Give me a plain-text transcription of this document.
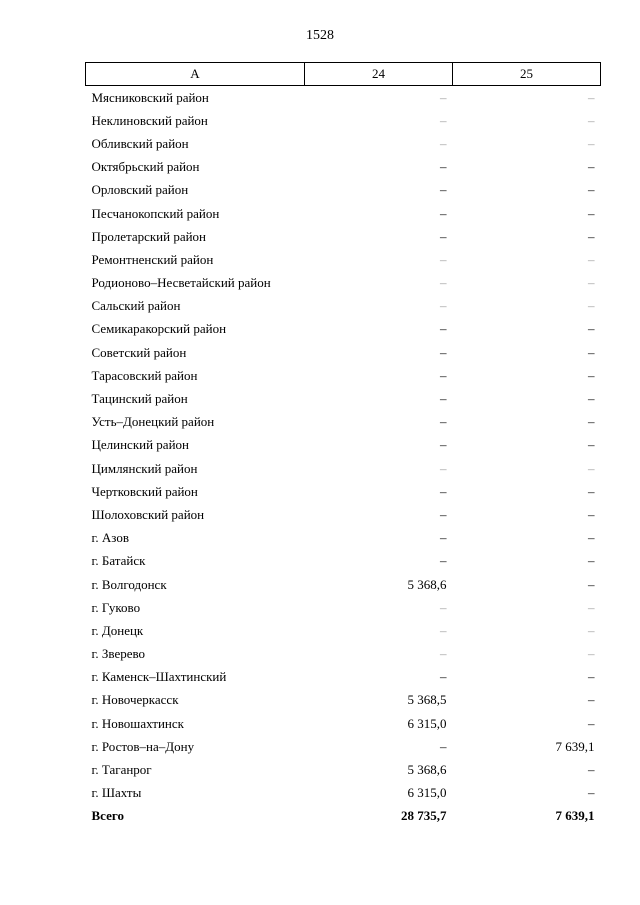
1528
А	24	25
Мясниковский район	–	–
Неклиновский район	–	–
Обливский район	–	–
Октябрьский район	–	–
Орловский район	–	–
Песчанокопский район	–	–
Пролетарский район	–	–
Ремонтненский район	–	–
Родионово–Несветайский район	–	–
Сальский район	–	–
Семикаракорский район	–	–
Советский район	–	–
Тарасовский район	–	–
Тацинский район	–	–
Усть–Донецкий район	–	–
Целинский район	–	–
Цимлянский район	–	–
Чертковский район	–	–
Шолоховский район	–	–
г. Азов	–	–
г. Батайск	–	–
г. Волгодонск	5 368,6	–
г. Гуково	–	–
г. Донецк	–	–
г. Зверево	–	–
г. Каменск–Шахтинский	–	–
г. Новочеркасск	5 368,5	–
г. Новошахтинск	6 315,0	–
г. Ростов–на–Дону	–	7 639,1
г. Таганрог	5 368,6	–
г. Шахты	6 315,0	–
Всего	28 735,7	7 639,1
